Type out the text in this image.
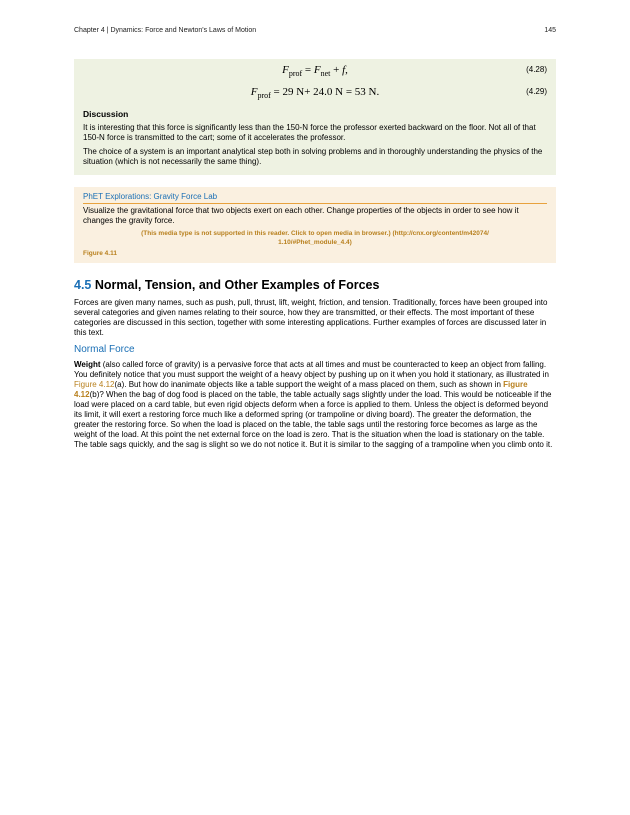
Chapter 4 | Dynamics: Force and Newton's Laws of Motion	145
$F_{prof} = F_{net} + f$,	(4.28)
$F_{prof} = 29$ N+ 24.0 N = 53 N.	(4.29)
Discussion

It is interesting that this force is significantly less than the 150-N force the professor exerted backward on the floor. Not all of that 150-N force is transmitted to the cart; some of it accelerates the professor.

The choice of a system is an important analytical step both in solving problems and in thoroughly understanding the physics of the situation (which is not necessarily the same thing).

PhET Explorations: Gravity Force Lab

Visualize the gravitational force that two objects exert on each other. Change properties of the objects in order to see how it changes the gravity force.

(This media type is not supported in this reader. Click to open media in browser.) (http://cnx.org/content/m42074/
1.10/#Phet_module_4.4)

Figure 4.11
4.5 Normal, Tension, and Other Examples of Forces

Forces are given many names, such as push, pull, thrust, lift, weight, friction, and tension. Traditionally, forces have been grouped into several categories and given names relating to their source, how they are transmitted, or their effects. The most important of these categories are discussed in this section, together with some interesting applications. Further examples of forces are discussed later in this text.

Normal Force

Weight (also called force of gravity) is a pervasive force that acts at all times and must be counteracted to keep an object from falling. You definitely notice that you must support the weight of a heavy object by pushing up on it when you hold it stationary, as illustrated in Figure 4.12(a). But how do inanimate objects like a table support the weight of a mass placed on them, such as shown in Figure 4.12(b)? When the bag of dog food is placed on the table, the table actually sags slightly under the load. This would be noticeable if the load were placed on a card table, but even rigid objects deform when a force is applied to them. Unless the object is deformed beyond its limit, it will exert a restoring force much like a deformed spring (or trampoline or diving board). The greater the deformation, the greater the restoring force. So when the load is placed on the table, the table sags until the restoring force becomes as large as the weight of the load. At this point the net external force on the load is zero. That is the situation when the load is stationary on the table. The table sags quickly, and the sag is slight so we do not notice it. But it is similar to the sagging of a trampoline when you climb onto it.
